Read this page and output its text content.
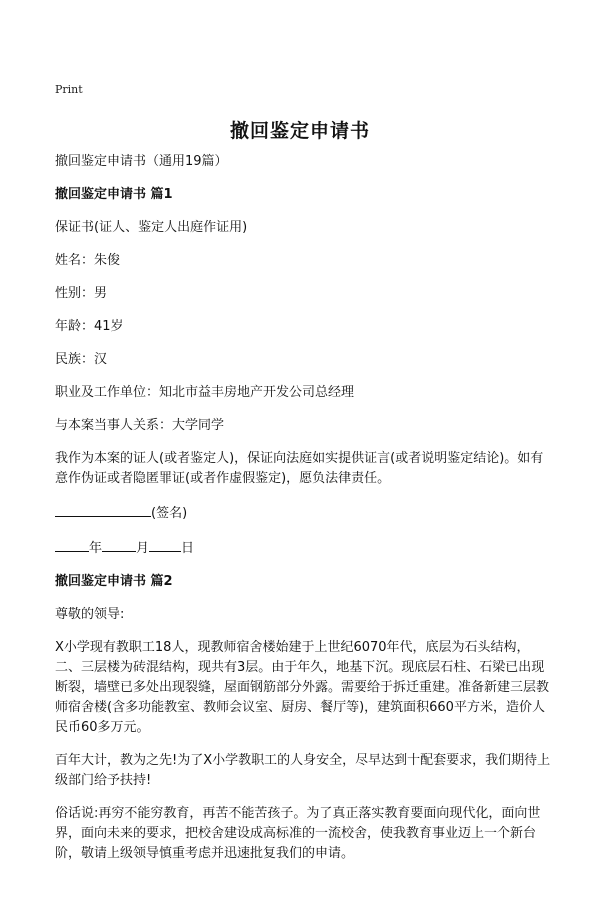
Print
撤回鉴定申请书

撤回鉴定申请书（通用19篇）

撤回鉴定申请书 篇1

保证书(证人、鉴定人出庭作证用)

姓名：朱俊

性别：男

年龄：41岁

民族：汉

职业及工作单位：知北市益丰房地产开发公司总经理

与本案当事人关系：大学同学

我作为本案的证人(或者鉴定人)，保证向法庭如实提供证言(或者说明鉴定结论)。如有意作伪证或者隐匿罪证(或者作虚假鉴定)，愿负法律责任。

(签名)

年	月 日

撤回鉴定申请书 篇2

尊敬的领导:

X小学现有教职工18人，现教师宿舍楼始建于上世纪6070年代，底层为石头结构，二、三层楼为砖混结构，现共有3层。由于年久，地基下沉。现底层石柱、石梁已出现断裂，墙壁已多处出现裂缝，屋面钢筋部分外露。需要给于拆迁重建。准备新建三层教师宿舍楼(含多功能教室、教师会议室、厨房、餐厅等)，建筑面积660平方米，造价人民币60多万元。

百年大计，教为之先!为了X小学教职工的人身安全，尽早达到十配套要求，我们期待上级部门给予扶持!

俗话说:再穷不能穷教育，再苦不能苦孩子。为了真正落实教育要面向现代化，面向世界，面向未来的要求，把校舍建设成高标准的一流校舍，使我教育事业迈上一个新台阶，敬请上级领导慎重考虑并迅速批复我们的申请。
